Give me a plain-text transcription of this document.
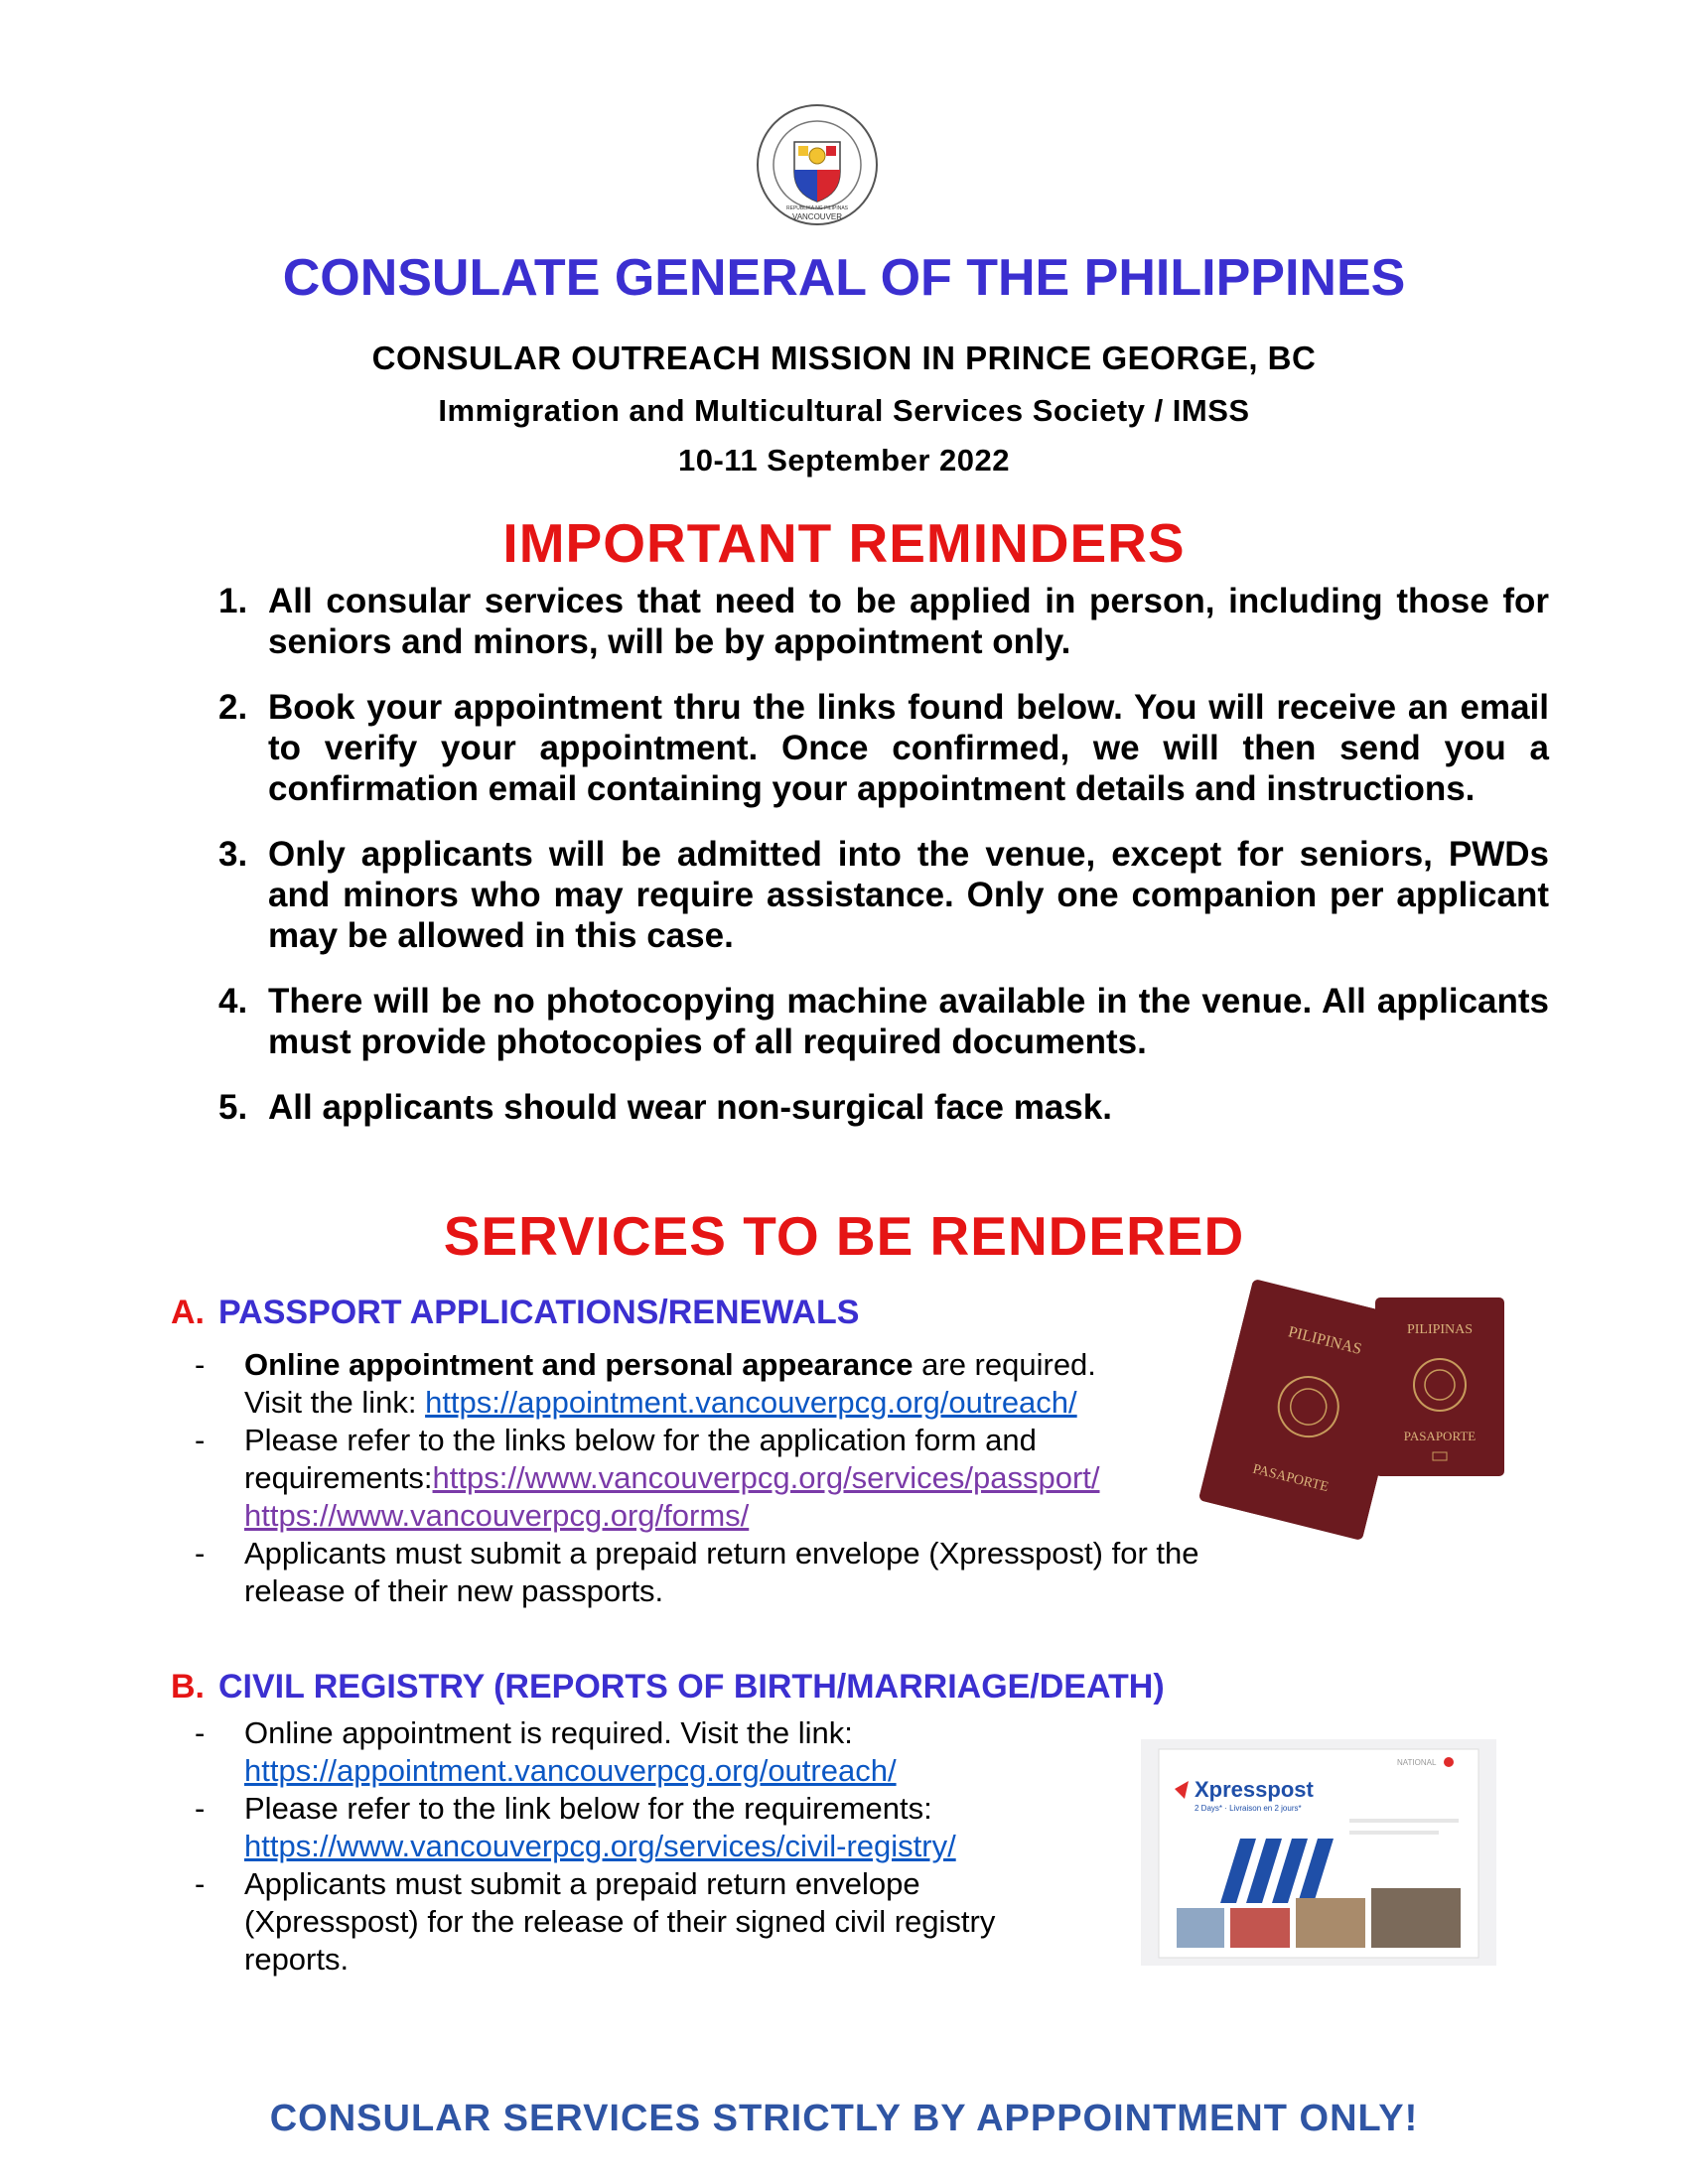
VANCOUVER
REPUBLIKA NG PILIPINAS
CONSULATE GENERAL OF THE PHILIPPINES
CONSULAR OUTREACH MISSION IN PRINCE GEORGE, BC
Immigration and Multicultural Services Society / IMSS
10-11 September 2022
IMPORTANT REMINDERS
1. All consular services that need to be applied in person, including those for seniors and minors, will be by appointment only.
2. Book your appointment thru the links found below. You will receive an email to verify your appointment. Once confirmed, we will then send you a confirmation email containing your appointment details and instructions.
3. Only applicants will be admitted into the venue, except for seniors, PWDs and minors who may require assistance. Only one companion per applicant may be allowed in this case.
4. There will be no photocopying machine available in the venue. All applicants must provide photocopies of all required documents.
5. All applicants should wear non-surgical face mask.
SERVICES TO BE RENDERED
A. PASSPORT APPLICATIONS/RENEWALS
- Online appointment and personal appearance are required.
Visit the link: https://appointment.vancouverpcg.org/outreach/
- Please refer to the links below for the application form and requirements:https://www.vancouverpcg.org/services/passport/
https://www.vancouverpcg.org/forms/
- Applicants must submit a prepaid return envelope (Xpresspost) for the release of their new passports.
PILIPINAS
PASAPORTE
PILIPINAS
PASAPORTE
B. CIVIL REGISTRY (REPORTS OF BIRTH/MARRIAGE/DEATH)
- Online appointment is required. Visit the link:
https://appointment.vancouverpcg.org/outreach/
- Please refer to the link below for the requirements:
https://www.vancouverpcg.org/services/civil-registry/
- Applicants must submit a prepaid return envelope (Xpresspost) for the release of their signed civil registry reports.
Xpresspost
2 Days* · Livraison en 2 jours*
NATIONAL
CONSULAR SERVICES STRICTLY BY APPPOINTMENT ONLY!
